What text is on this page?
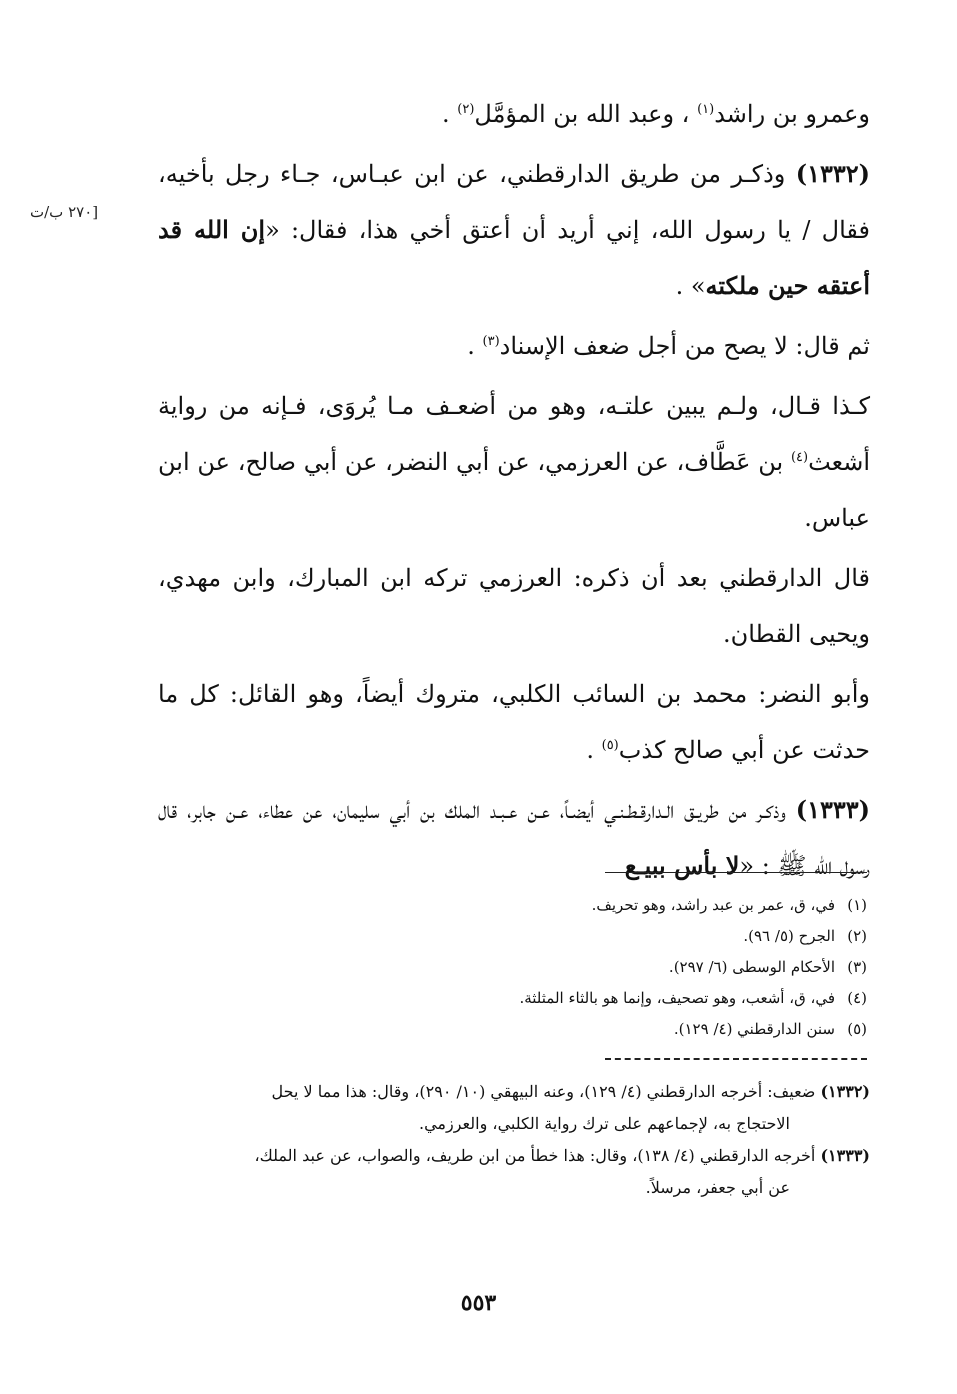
وعمرو بن راشد$^{(١)}$ ، وعبد الله بن المؤمَّل$^{(٢)}$ .

(١٣٣٢) وذكـر من طريق الدارقطني، عن ابن عبـاس، جـاء رجل بأخيه، فقال / يا رسول الله، إني أريد أن أعتق أخي هذا، فقال: «إن الله قد أعتقه حين ملكته» .

ثم قال: لا يصح من أجل ضعف الإسناد$^{(٣)}$ .

كـذا قـال، ولـم يبين علتـه، وهو من أضعـف مـا يُروَى، فـإنه من رواية أشعث$^{(٤)}$ بن عَطَّاف، عن العرزمي، عن أبي النضر، عن أبي صالح، عن ابن عباس.

قال الدارقطني بعد أن ذكره: العرزمي تركه ابن المبارك، وابن مهدي، ويحيى القطان.

وأبو النضر: محمد بن السائب الكلبي، متروك أيضاً، وهو القائل: كل ما حدثت عن أبي صالح كذب$^{(٥)}$ .

(١٣٣٣) وذكـر من طريـق الـدارقـطـنـي أيضـاً، عـن عـبـد الملك بن أبي سليمان، عن عطاء، عـن جابر، قال رسول الله ﷺ : «لا بأس ببيـع

[٢٧٠ ب/ت
(١)في، ق، عمر بن عبد راشد، وهو تحريف.
(٢)الجرح (٥/ ٩٦).
(٣)الأحكام الوسطى (٦/ ٢٩٧).
(٤)في، ق، أشعب، وهو تصحيف، وإنما هو بالثاء المثلثة.
(٥)سنن الدارقطني (٤/ ١٢٩).

(١٣٣٢) ضعيف: أخرجه الدارقطني (٤/ ١٢٩)، وعنه البيهقي (١٠/ ٢٩٠)، وقال: هذا مما لا يحل

الاحتجاج به، لإجماعهم على ترك رواية الكلبي، والعرزمي.

(١٣٣٣) أخرجه الدارقطني (٤/ ١٣٨)، وقال: هذا خطأ من ابن طريف، والصواب، عن عبد الملك،

عن أبي جعفر، مرسلاً.

٥٥٣
